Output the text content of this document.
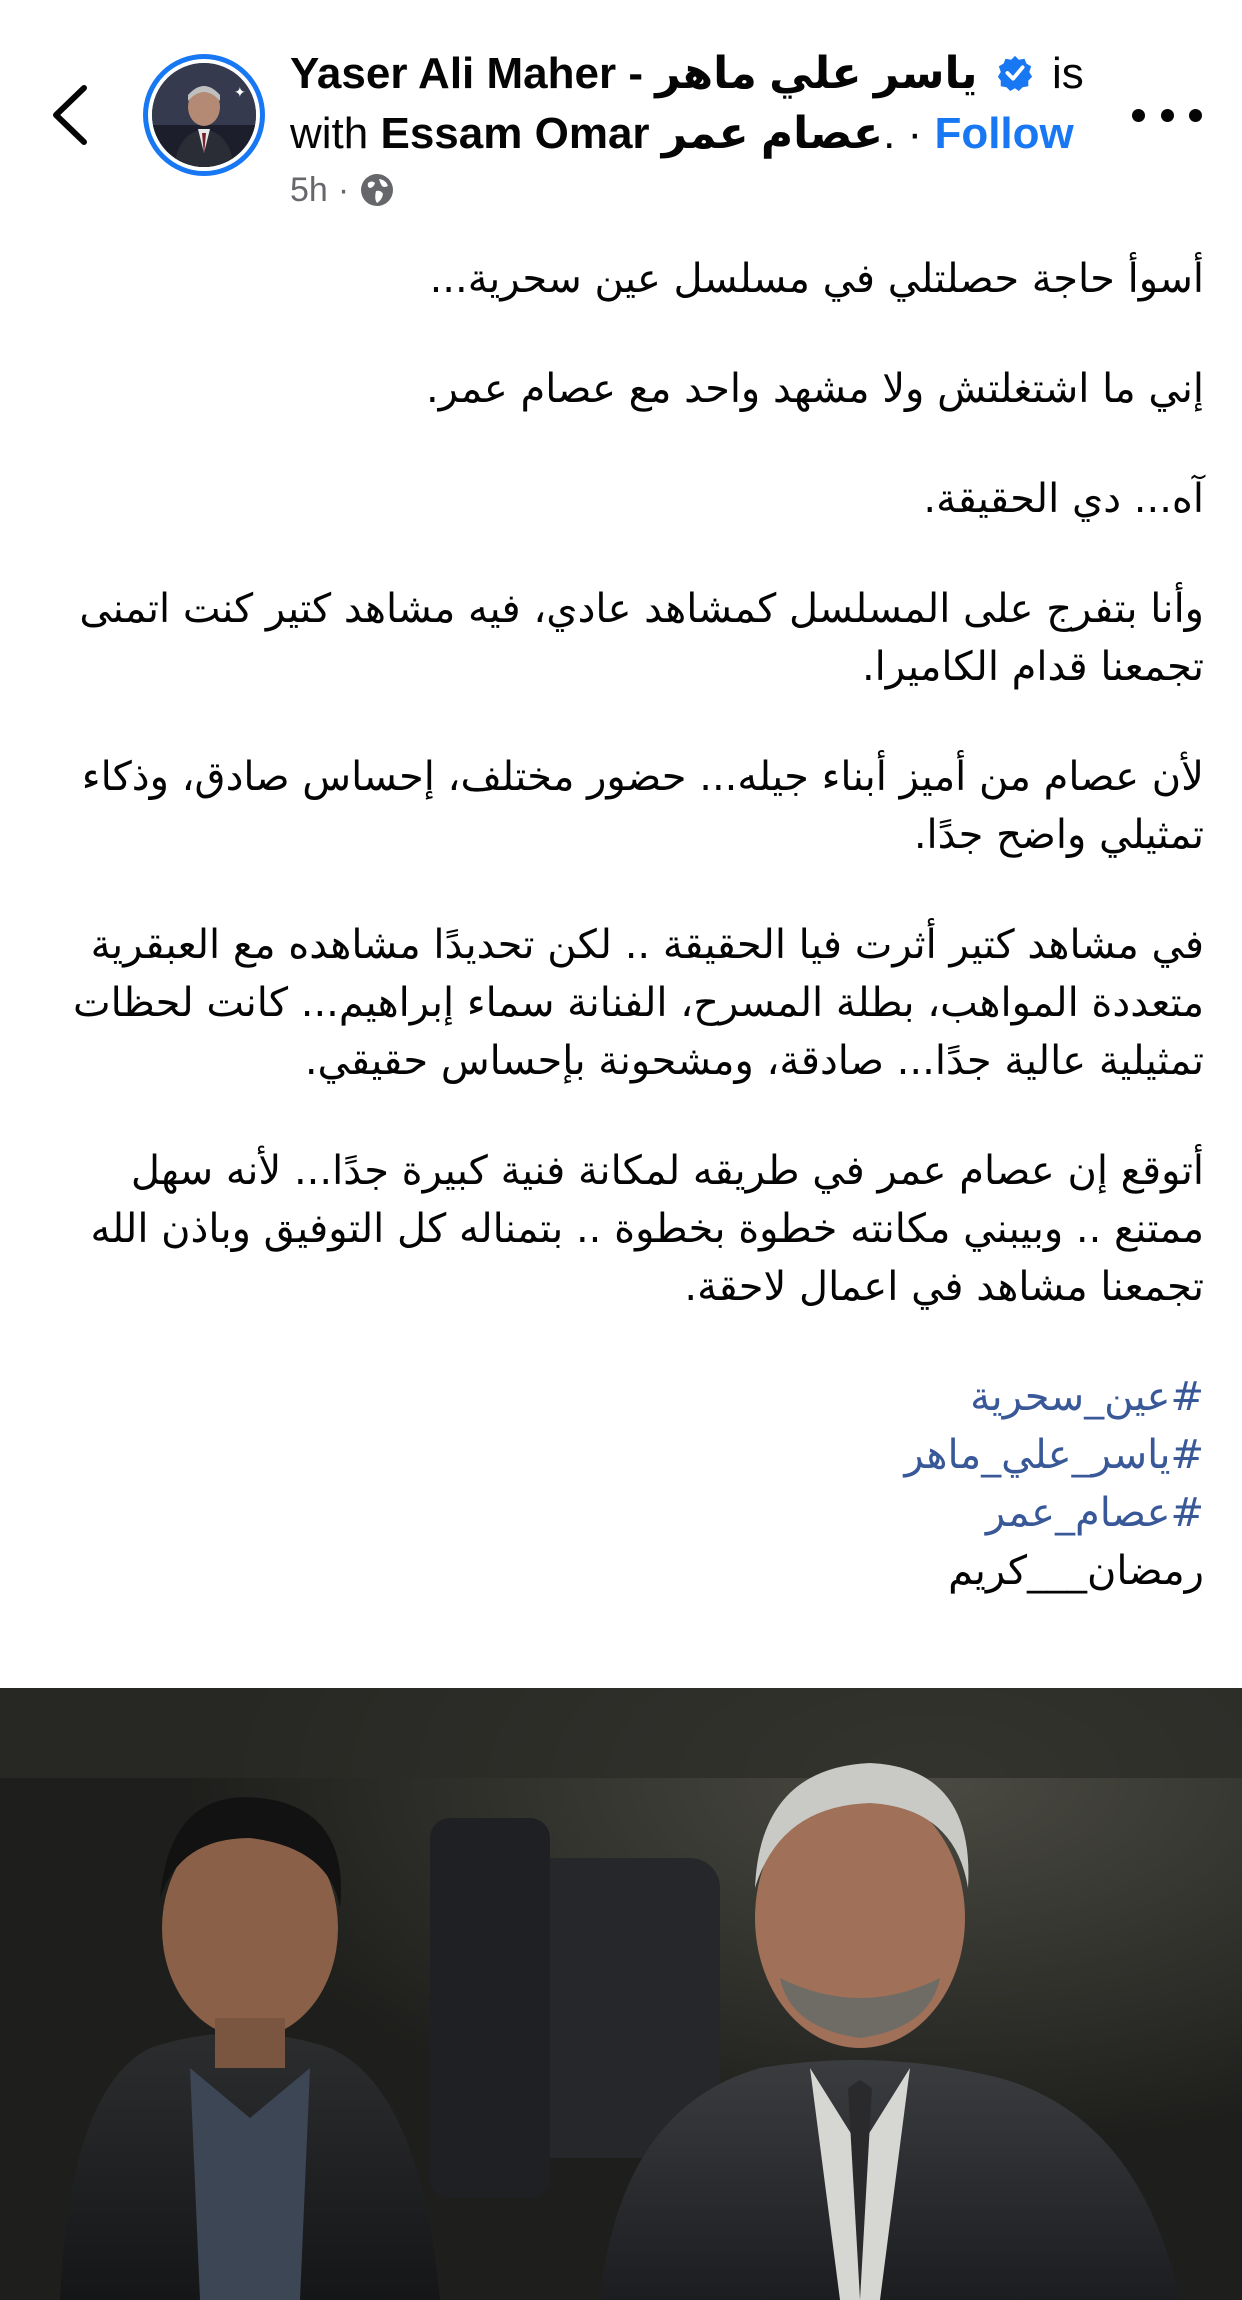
✦ Yaser Ali Maher - ياسر علي ماهر is
with Essam Omar عصام عمر. · Follow
5h ·

أسوأ حاجة حصلتلي في مسلسل عين سحرية...

إني ما اشتغلتش ولا مشهد واحد مع عصام عمر.

آه... دي الحقيقة.

وأنا بتفرج على المسلسل كمشاهد عادي، فيه مشاهد كتير كنت اتمنى تجمعنا قدام الكاميرا.

لأن عصام من أميز أبناء جيله... حضور مختلف، إحساس صادق، وذكاء تمثيلي واضح جدًا.

في مشاهد كتير أثرت فيا الحقيقة .. لكن تحديدًا مشاهده مع العبقرية متعددة المواهب، بطلة المسرح، الفنانة سماء إبراهيم... كانت لحظات تمثيلية عالية جدًا... صادقة، ومشحونة بإحساس حقيقي.

أتوقع إن عصام عمر في طريقه لمكانة فنية كبيرة جدًا... لأنه سهل ممتنع .. وبيبني مكانته خطوة بخطوة .. بتمناله كل التوفيق وباذن الله تجمعنا مشاهد في اعمال لاحقة.

#عين_سحرية
#ياسر_علي_ماهر
#عصام_عمر
رمضان___كريم
